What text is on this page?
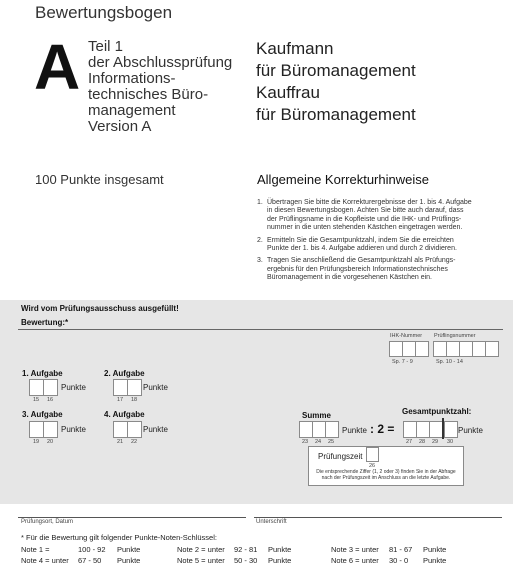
Bewertungsbogen
A Teil 1
der Abschlussprüfung
Informations-
technisches Büro-
management
Version A
Kaufmann
für Büromanagement
Kauffrau
für Büromanagement
100 Punkte insgesamt	Allgemeine Korrekturhinweise
1. Übertragen Sie bitte die Korrekturergebnisse der 1. bis 4. Aufgabe
in diesen Bewertungsbogen. Achten Sie bitte auch darauf, dass
der Prüflingsname in die Kopfleiste und die IHK- und Prüflings-
nummer in die unten stehenden Kästchen eingetragen werden.
2. Ermitteln Sie die Gesamtpunktzahl, indem Sie die erreichten
Punkte der 1. bis 4. Aufgabe addieren und durch 2 dividieren.
3. Tragen Sie anschließend die Gesamtpunktzahl als Prüfungs-
ergebnis für den Prüfungsbereich Informationstechnisches
Büromanagement in die vorgesehenen Kästchen ein.
Wird vom Prüfungsausschuss ausgefüllt!
Bewertung:*
IHK-Nummer Prüflingsnummer
Sp. 7 - 9	Sp. 10 - 14
1. Aufgabe
Punkte
15 16
2. Aufgabe
Punkte
17 18
3. Aufgabe
Punkte
19 20
4. Aufgabe
Punkte
21 22
Summe
Punkte : 2 =
23 24 25
Gesamtpunktzahl:
Punkte
27 28 29 30
Prüfungszeit
26
Die entsprechende Ziffer (1, 2 oder 3) finden Sie in der Abfrage
nach der Prüfungszeit im Anschluss an die letzte Aufgabe.
Prüfungsort, Datum	Unterschrift
* Für die Bewertung gilt folgender Punkte-Noten-Schlüssel:
Note 1 =	100 - 92 Punkte	Note 2 = unter 92 - 81 Punkte	Note 3 = unter 81 - 67 Punkte
Note 4 = unter 67 - 50 Punkte	Note 5 = unter 50 - 30 Punkte	Note 6 = unter 30 - 0 Punkte
